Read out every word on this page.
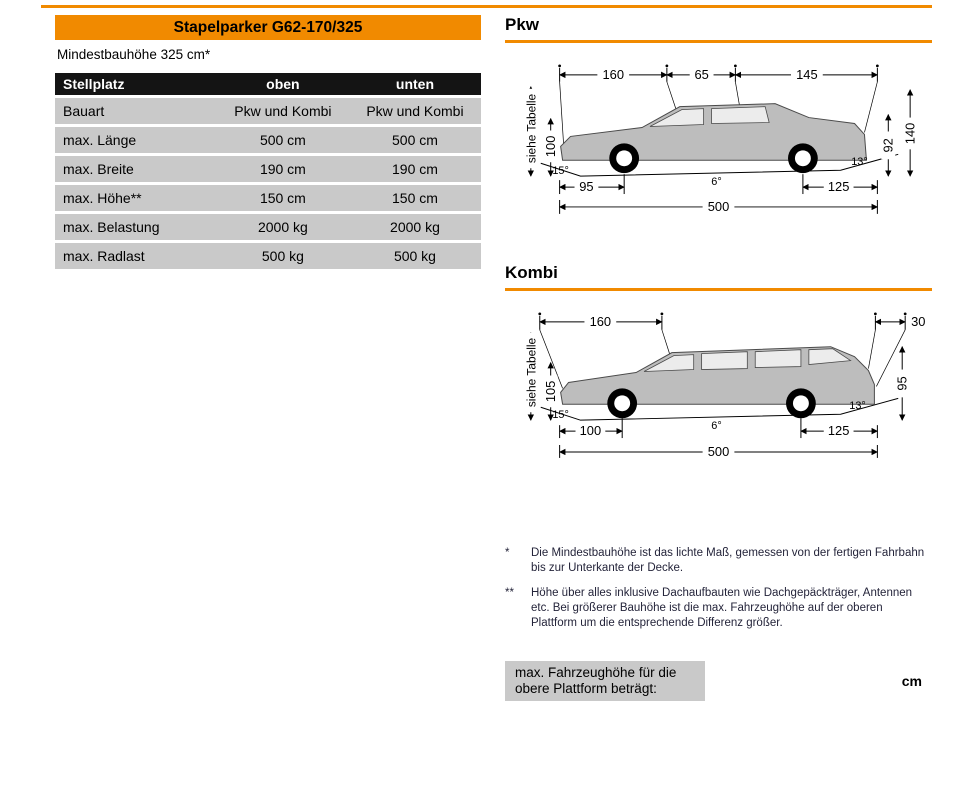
Stapelparker G62-170/325
Mindestbauhöhe 325 cm*
Stellplatz	oben	unten
Bauart	Pkw und Kombi	Pkw und Kombi
max. Länge	500 cm	500 cm
max. Breite	190 cm	190 cm
max. Höhe**	150 cm	150 cm
max. Belastung	2000 kg	2000 kg
max. Radlast	500 kg	500 kg
Pkw
160	65	145
siehe Tabelle 100	92
140
15°
6°
13°
95	125
500
Kombi
160	30
siehe Tabelle 105	95
15°
6°
13°
100	125
500
*	Die Mindestbauhöhe ist das lichte Maß, gemessen von der fertigen Fahrbahn bis zur Unterkante der Decke.
**	Höhe über alles inklusive Dachaufbauten wie Dachgepäckträger, Antennen etc. Bei größerer Bauhöhe ist die max. Fahrzeughöhe auf der oberen Plattform um die entsprechende Differenz größer.
max. Fahrzeughöhe für die obere Plattform beträgt:	cm
